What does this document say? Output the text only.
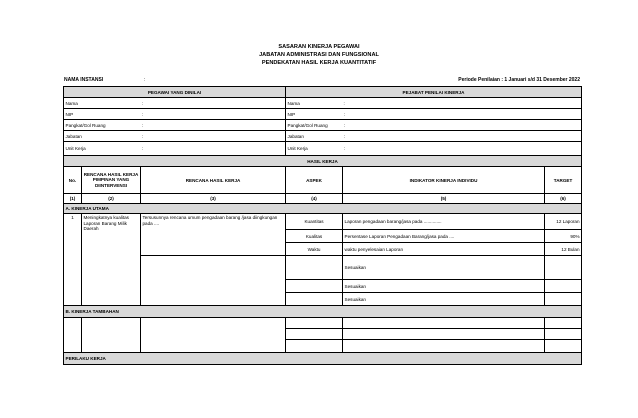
SASARAN KINERJA PEGAWAI
JABATAN ADMINISTRASI DAN FUNGSIONAL
PENDEKATAN HASIL KERJA KUANTITATIF
NAMA INSTANSI	:	Periode Penilaian : 1 Januari s/d 31 Desember 2022
PEGAWAI YANG DINILAI			PEJABAT PENILAI KINERJA		
Nama		:	Nama	:	
NIP		:	NIP	:	
Pangkat/Gol Ruang		:	Pangkat/Gol Ruang	:	
Jabatan		:	Jabatan	:	
Unit Kerja		:	Unit Kerja	:	
HASIL KERJA					
No.	RENCANA HASIL KERJA PIMPINAN YANG DIINTERVENSI	RENCANA HASIL KERJA	ASPEK	INDIKATOR KINERJA INDIVIDU	TARGET
(1)	(2)	(3)	(4)	(5)	(6)
A. KINERJA UTAMA					
1	Meningkatnya kualitas Laporan Barang Milik Daerah	Tersusunnya rencana umum pengadaan barang /jasa diingkungan pada ....	Kuantitas	Laporan pengadaan barang/jasa pada ..............	12 Laporan
			Kualitas	Persentase Laporan Pengadaan Barang/jasa pada ....	90%
			Waktu	waktu penyelesaian Laporan	12 Bulan
				Sesuaikan	
				Sesuaikan	
				Sesuaikan	
B. KINERJA TAMBAHAN					

PERILAKU KERJA					
